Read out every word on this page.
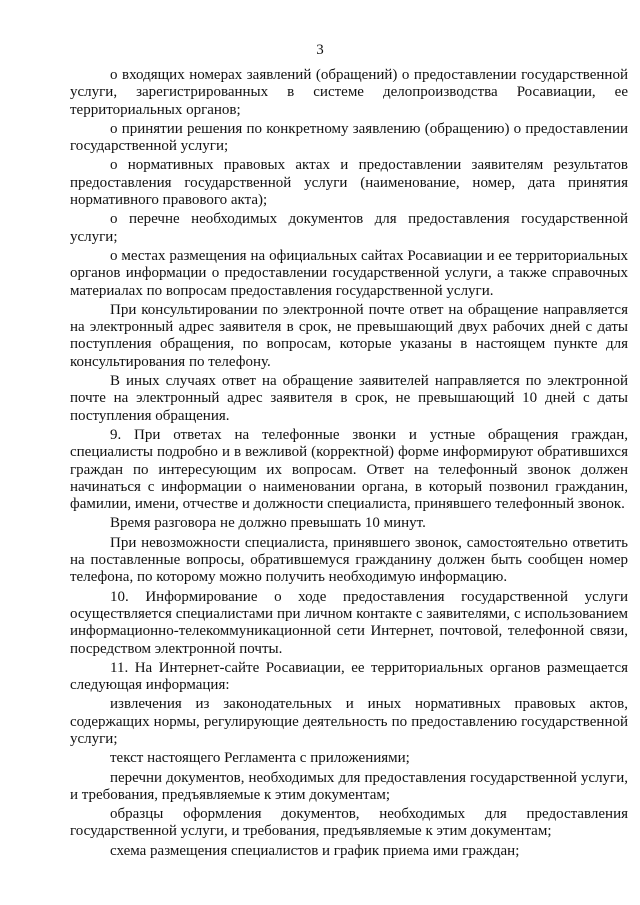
3

о входящих номерах заявлений (обращений) о предоставлении государственной услуги, зарегистрированных в системе делопроизводства Росавиации, ее территориальных органов;

о принятии решения по конкретному заявлению (обращению) о предоставлении государственной услуги;

о нормативных правовых актах и предоставлении заявителям результатов предоставления государственной услуги (наименование, номер, дата принятия нормативного правового акта);

о перечне необходимых документов для предоставления государственной услуги;

о местах размещения на официальных сайтах Росавиации и ее территориальных органов информации о предоставлении государственной услуги, а также справочных материалах по вопросам предоставления государственной услуги.

При консультировании по электронной почте ответ на обращение направляется на электронный адрес заявителя в срок, не превышающий двух рабочих дней с даты поступления обращения, по вопросам, которые указаны в настоящем пункте для консультирования по телефону.

В иных случаях ответ на обращение заявителей направляется по электронной почте на электронный адрес заявителя в срок, не превышающий 10 дней с даты поступления обращения.

9. При ответах на телефонные звонки и устные обращения граждан, специалисты подробно и в вежливой (корректной) форме информируют обратившихся граждан по интересующим их вопросам. Ответ на телефонный звонок должен начинаться с информации о наименовании органа, в который позвонил гражданин, фамилии, имени, отчестве и должности специалиста, принявшего телефонный звонок.

Время разговора не должно превышать 10 минут.

При невозможности специалиста, принявшего звонок, самостоятельно ответить на поставленные вопросы, обратившемуся гражданину должен быть сообщен номер телефона, по которому можно получить необходимую информацию.

10. Информирование о ходе предоставления государственной услуги осуществляется специалистами при личном контакте с заявителями, с использованием информационно-телекоммуникационной сети Интернет, почтовой, телефонной связи, посредством электронной почты.

11. На Интернет-сайте Росавиации, ее территориальных органов размещается следующая информация:

извлечения из законодательных и иных нормативных правовых актов, содержащих нормы, регулирующие деятельность по предоставлению государственной услуги;

текст настоящего Регламента с приложениями;

перечни документов, необходимых для предоставления государственной услуги, и требования, предъявляемые к этим документам;

образцы оформления документов, необходимых для предоставления государственной услуги, и требования, предъявляемые к этим документам;

схема размещения специалистов и график приема ими граждан;
